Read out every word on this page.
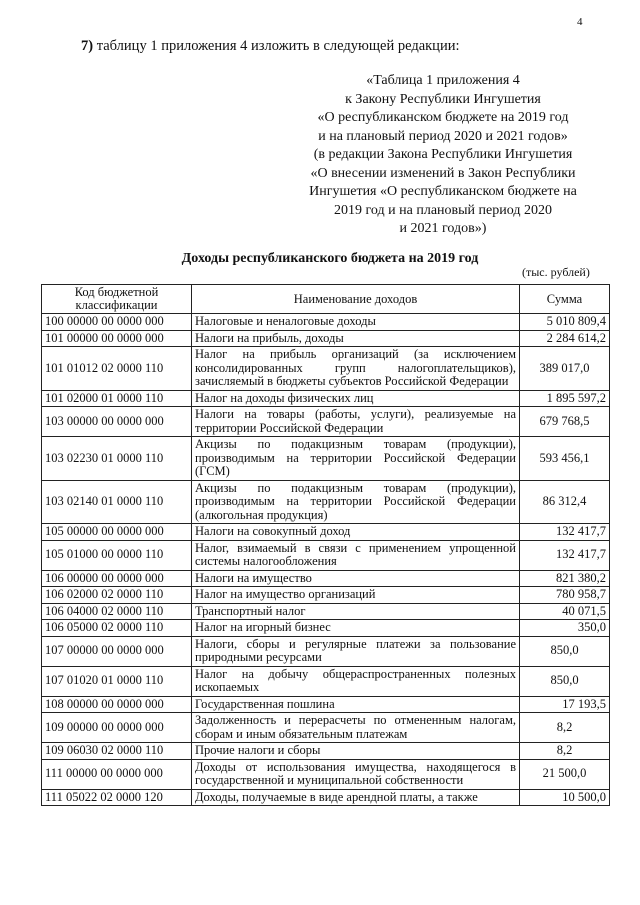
4
7) таблицу 1 приложения 4 изложить в следующей редакции:
«Таблица 1 приложения 4
к Закону Республики Ингушетия
«О республиканском бюджете на 2019 год
и на плановый период 2020 и 2021 годов»
(в редакции Закона Республики Ингушетия
«О внесении изменений в Закон Республики
Ингушетия «О республиканском бюджете на
2019 год и на плановый период 2020
и 2021 годов»)
Доходы республиканского бюджета на 2019 год
(тыс. рублей)
Код бюджетной классификации	Наименование доходов	Сумма
100 00000 00 0000 000	Налоговые и неналоговые доходы	5 010 809,4
101 00000 00 0000 000	Налоги на прибыль, доходы	2 284 614,2
101 01012 02 0000 110	Налог на прибыль организаций (за исключением консолидированных групп налогоплательщиков), зачисляемый в бюджеты субъектов Российской Федерации	389 017,0
101 02000 01 0000 110	Налог на доходы физических лиц	1 895 597,2
103 00000 00 0000 000	Налоги на товары (работы, услуги), реализуемые на территории Российской Федерации	679 768,5
103 02230 01 0000 110	Акцизы по подакцизным товарам (продукции), производимым на территории Российской Федерации (ГСМ)	593 456,1
103 02140 01 0000 110	Акцизы по подакцизным товарам (продукции), производимым на территории Российской Федерации (алкогольная продукция)	86 312,4
105 00000 00 0000 000	Налоги на совокупный доход	132 417,7
105 01000 00 0000 110	Налог, взимаемый в связи с применением упрощенной системы налогообложения	132 417,7
106 00000 00 0000 000	Налоги на имущество	821 380,2
106 02000 02 0000 110	Налог на имущество организаций	780 958,7
106 04000 02 0000 110	Транспортный налог	40 071,5
106 05000 02 0000 110	Налог на игорный бизнес	350,0
107 00000 00 0000 000	Налоги, сборы и регулярные платежи за пользование природными ресурсами	850,0
107 01020 01 0000 110	Налог на добычу общераспространенных полезных ископаемых	850,0
108 00000 00 0000 000	Государственная пошлина	17 193,5
109 00000 00 0000 000	Задолженность и перерасчеты по отмененным налогам, сборам и иным обязательным платежам	8,2
109 06030 02 0000 110	Прочие налоги и сборы	8,2
111 00000 00 0000 000	Доходы от использования имущества, находящегося в государственной и муниципальной собственности	21 500,0
111 05022 02 0000 120	Доходы, получаемые в виде арендной платы, а также	10 500,0
